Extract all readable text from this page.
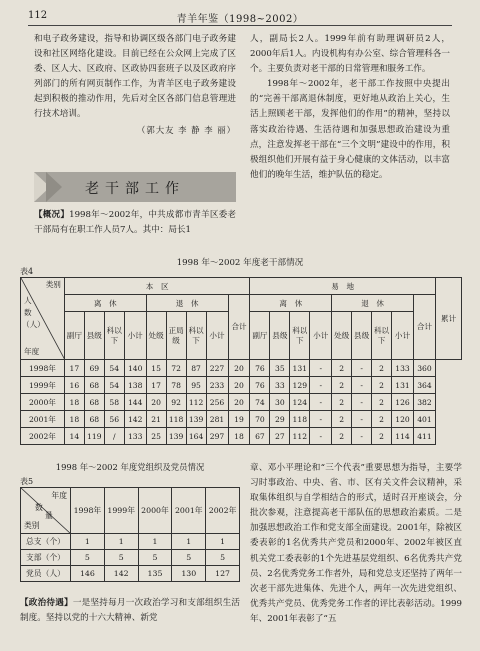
112	青羊年鉴（1998~2002）

和电子政务建设，指导和协调区级各部门电子政务建设和社区网络化建设。目前已经在公众网上完成了区委、区人大、区政府、区政协四套班子以及区政府序列部门的所有网页制作工作，为青羊区电子政务建设起到积极的推动作用，先后对全区各部门信息管理进行技术培训。

（郭大友 李 静 李 丽）

老干部工作

【概况】1998年～2002年，中共成都市青羊区委老干部局有在职工作人员7人。其中：局长1

人，副局长2人。1999年前有助理调研员2人，2000年后1人。内设机构有办公室、综合管理科各一个。主要负责对老干部的日常管理和服务工作。

1998年～2002年，老干部工作按照中央提出的“完善干部离退休制度，更好地从政治上关心，生活上照顾老干部，发挥他们的作用”的精神，坚持以落实政治待遇、生活待遇和加强思想政治建设为重点，注意发挥老干部在“三个文明”建设中的作用，积极组织他们开展有益于身心健康的文体活动，以丰富他们的晚年生活，维护队伍的稳定。

1998 年～2002 年度老干部情况
表4
类别
人
数
（人）
年度	本　区									易　地									累计
	离　休				退　休				合计	离　休				退　休				合计	
	副厅	县级	科以下	小计	处级	正局级	科以下	小计		副厅	县级	科以下	小计	处级	县级	科以下	小计		
1998年	17	69	54	140	15	72	87	227	20	76	35	131	-	2	-	2	133	360	
1999年	16	68	54	138	17	78	95	233	20	76	33	129	-	2	-	2	131	364	
2000年	18	68	58	144	20	92	112	256	20	74	30	124	-	2	-	2	126	382	
2001年	18	68	56	142	21	118	139	281	19	70	29	118	-	2	-	2	120	401	
2002年	14	119	/	133	25	139	164	297	18	67	27	112	-	2	-	2	114	411	
1998 年～2002 年度党组织及党员情况
表5
年度
数
量
类别	1998年	1999年	2000年	2001年	2002年
总支（个）	1	1	1	1	1
支部（个）	5	5	5	5	5
党员（人）	146	142	135	130	127

【政治待遇】一是坚持每月一次政治学习和支部组织生活制度。坚持以党的十六大精神、新党

章、邓小平理论和“三个代表”重要思想为指导，主要学习时事政治、中央、省、市、区有关文件会议精神，采取集体组织与自学相结合的形式，适时召开座谈会，分批次参观，注意提高老干部队伍的思想政治素质。二是加强思想政治工作和党支部全面建设。2001年，除被区委表彰的1名优秀共产党员和2000年、2002年被区直机关党工委表彰的1个先进基层党组织、6名优秀共产党员、2名优秀党务工作者外，局和党总支还坚持了两年一次老干部先进集体、先进个人，两年一次先进党组织、优秀共产党员、优秀党务工作者的评比表彰活动。1999年、2001年表彰了“五
